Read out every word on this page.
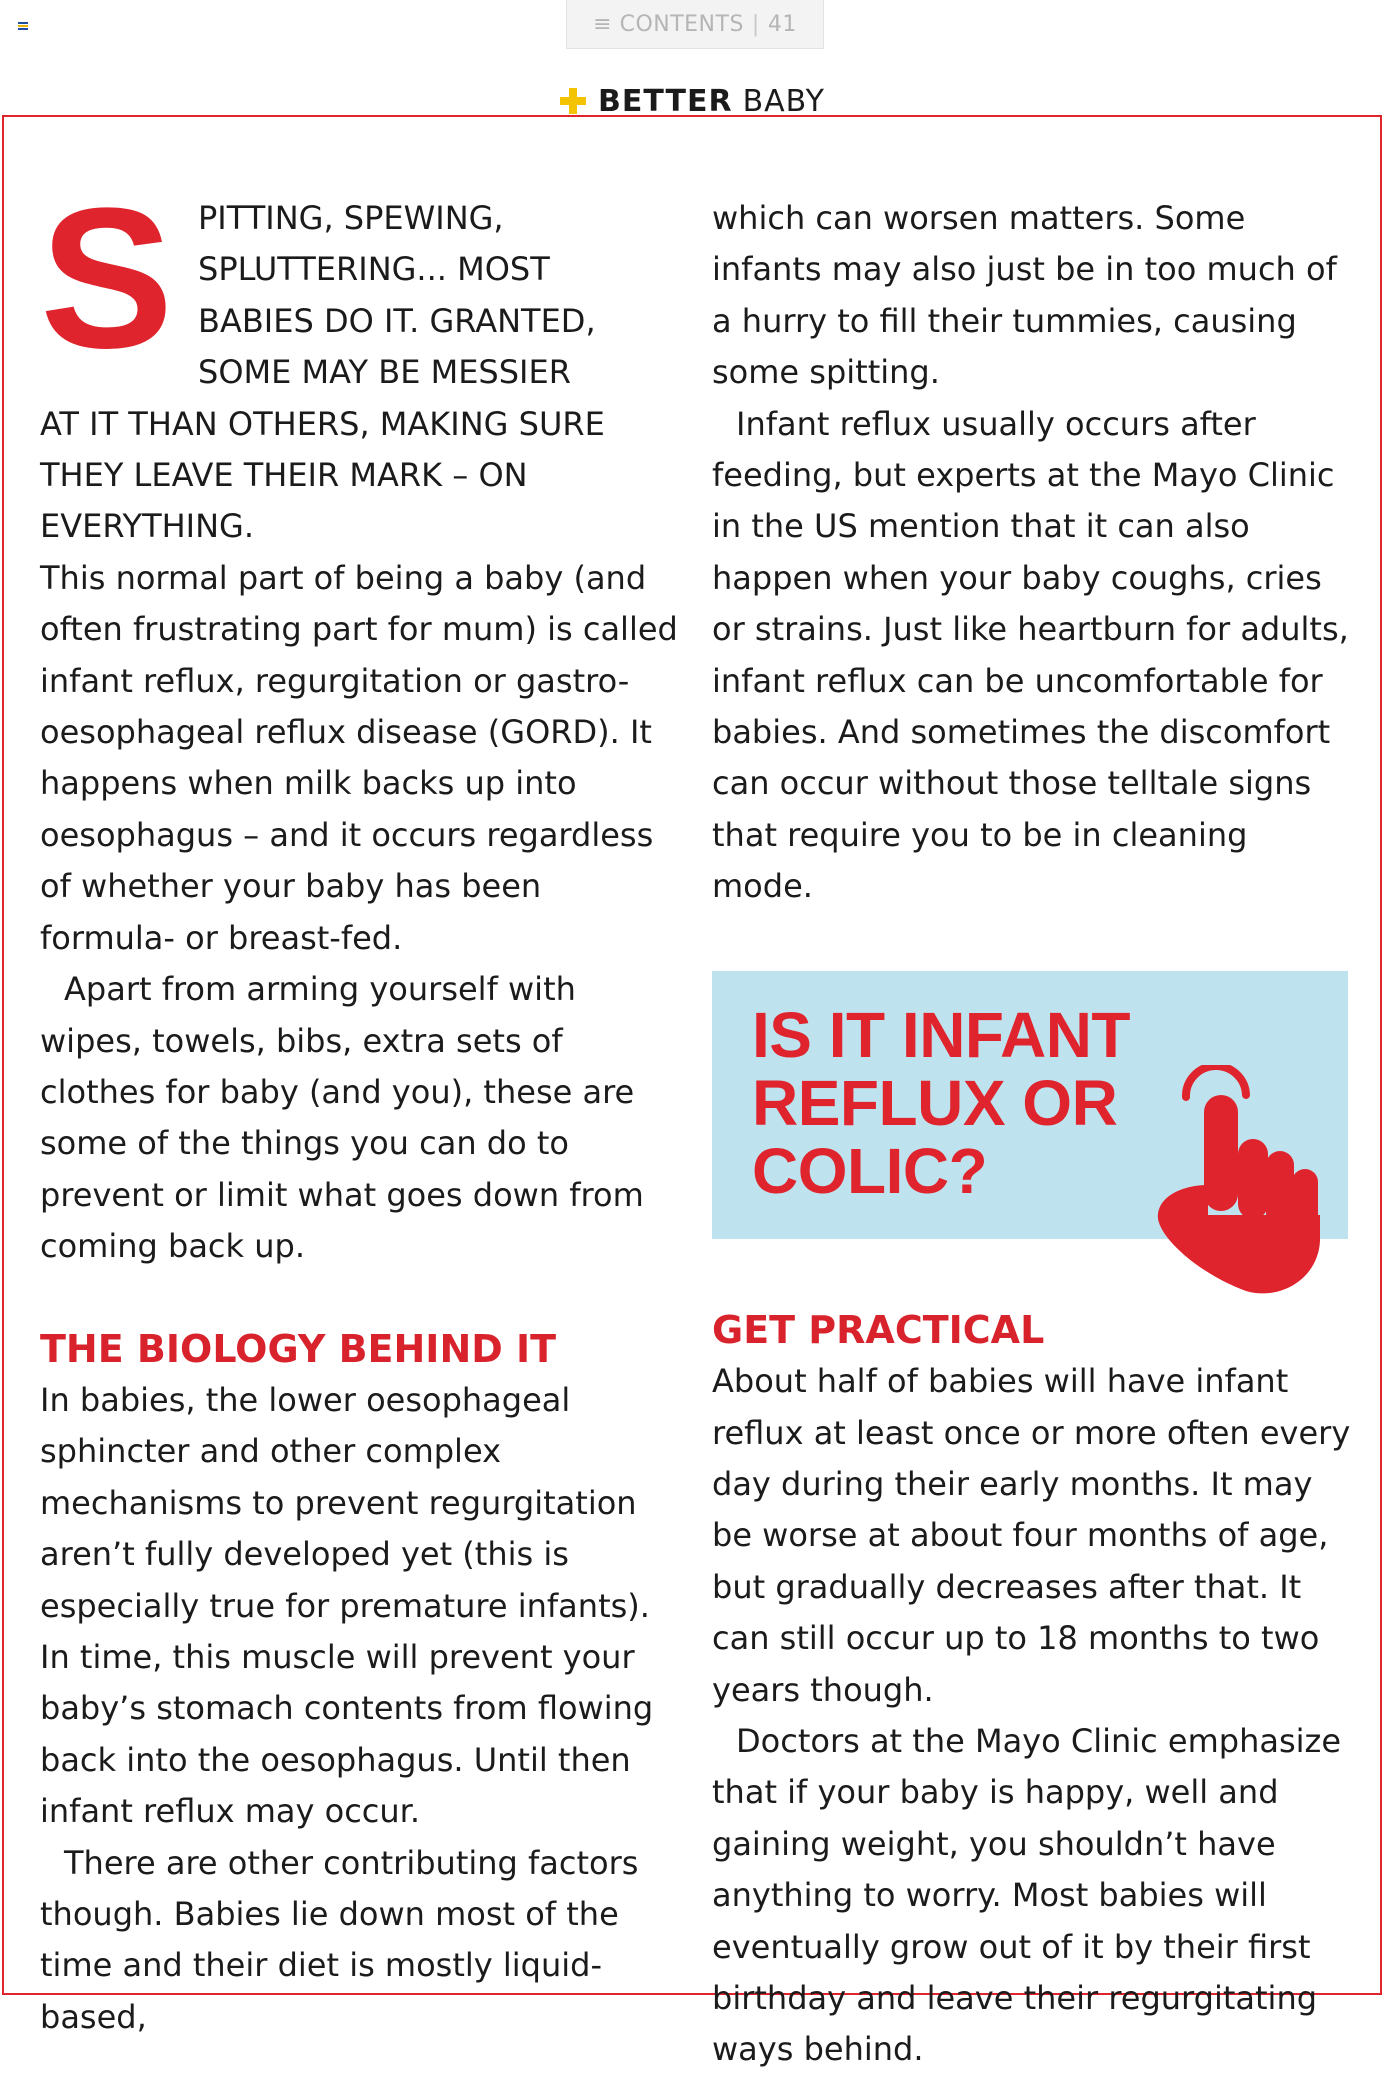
≡ CONTENTS | 41
BETTER BABY
S PITTING, SPEWING,

SPLUTTERING... MOST

BABIES DO IT. GRANTED,

SOME MAY BE MESSIER

AT IT THAN OTHERS, MAKING SURE THEY LEAVE THEIR MARK – ON EVERYTHING.

This normal part of being a baby (and often frustrating part for mum) is called infant reflux, regurgitation or gastro-oesophageal reflux disease (GORD). It happens when milk backs up into oesophagus – and it occurs regardless of whether your baby has been formula- or breast-fed.

Apart from arming yourself with wipes, towels, bibs, extra sets of clothes for baby (and you), these are some of the things you can do to prevent or limit what goes down from coming back up.

THE BIOLOGY BEHIND IT

In babies, the lower oesophageal sphincter and other complex mechanisms to prevent regurgitation aren’t fully developed yet (this is especially true for premature infants). In time, this muscle will prevent your baby’s stomach contents from flowing back into the oesophagus. Until then infant reflux may occur.

There are other contributing factors though. Babies lie down most of the time and their diet is mostly liquid-based,

which can worsen matters. Some infants may also just be in too much of a hurry to fill their tummies, causing some spitting.

Infant reflux usually occurs after feeding, but experts at the Mayo Clinic in the US mention that it can also happen when your baby coughs, cries or strains. Just like heartburn for adults, infant reflux can be uncomfortable for babies. And sometimes the discomfort can occur without those telltale signs that require you to be in cleaning mode.

IS IT INFANT
REFLUX OR
COLIC?

GET PRACTICAL

About half of babies will have infant reflux at least once or more often every day during their early months. It may be worse at about four months of age, but gradually decreases after that. It can still occur up to 18 months to two years though.

Doctors at the Mayo Clinic emphasize that if your baby is happy, well and gaining weight, you shouldn’t have anything to worry. Most babies will eventually grow out of it by their first birthday and leave their regurgitating ways behind.
